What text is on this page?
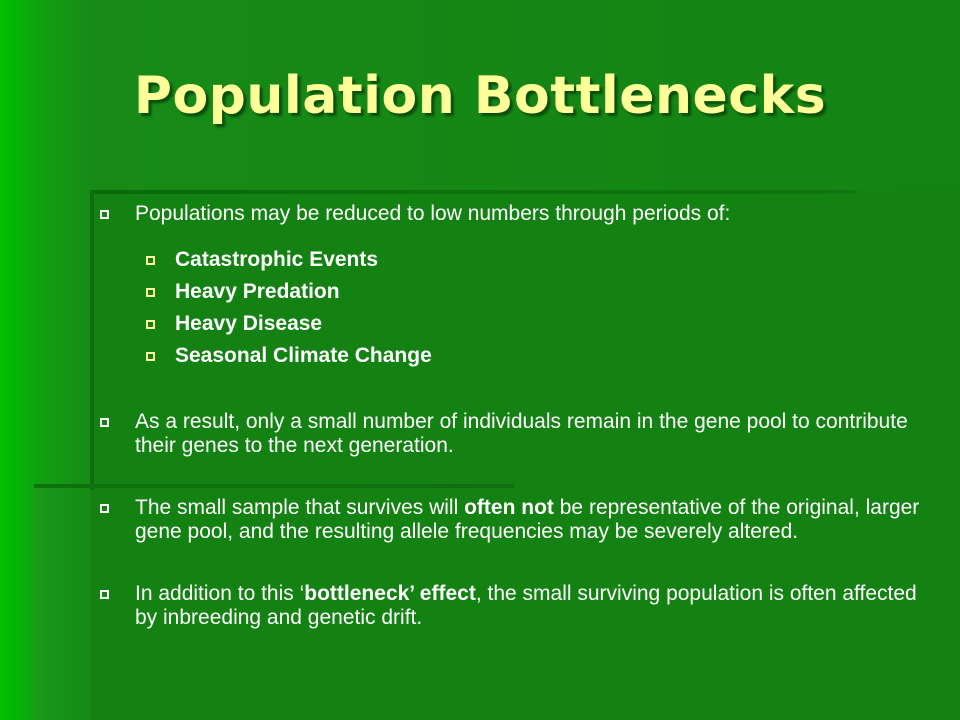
Population Bottlenecks
Populations may be reduced to low numbers through periods of:
Catastrophic Events
Heavy Predation
Heavy Disease
Seasonal Climate Change
As a result, only a small number of individuals remain in the gene pool to contribute their genes to the next generation.
The small sample that survives will often not be representative of the original, larger gene pool, and the resulting allele frequencies may be severely altered.
In addition to this ‘bottleneck’ effect, the small surviving population is often affected by inbreeding and genetic drift.
